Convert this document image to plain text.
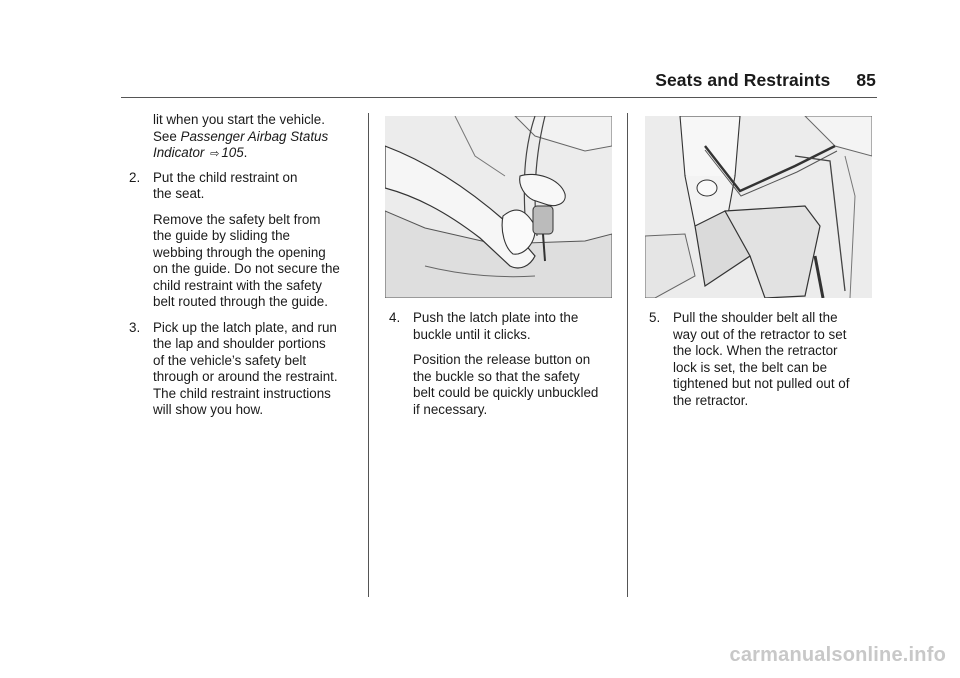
Seats and Restraints 85

lit when you start the vehicle.

See Passenger Airbag Status

Indicator ⇨ 105.

2. Put the child restraint on

the seat.

Remove the safety belt from

the guide by sliding the

webbing through the opening

on the guide. Do not secure the

child restraint with the safety

belt routed through the guide.

3. Pick up the latch plate, and run

the lap and shoulder portions

of the vehicle’s safety belt

through or around the restraint.

The child restraint instructions

will show you how.

4. Push the latch plate into the

buckle until it clicks.

Position the release button on

the buckle so that the safety

belt could be quickly unbuckled

if necessary.

5. Pull the shoulder belt all the

way out of the retractor to set

the lock. When the retractor

lock is set, the belt can be

tightened but not pulled out of

the retractor.

carmanualsonline.info
